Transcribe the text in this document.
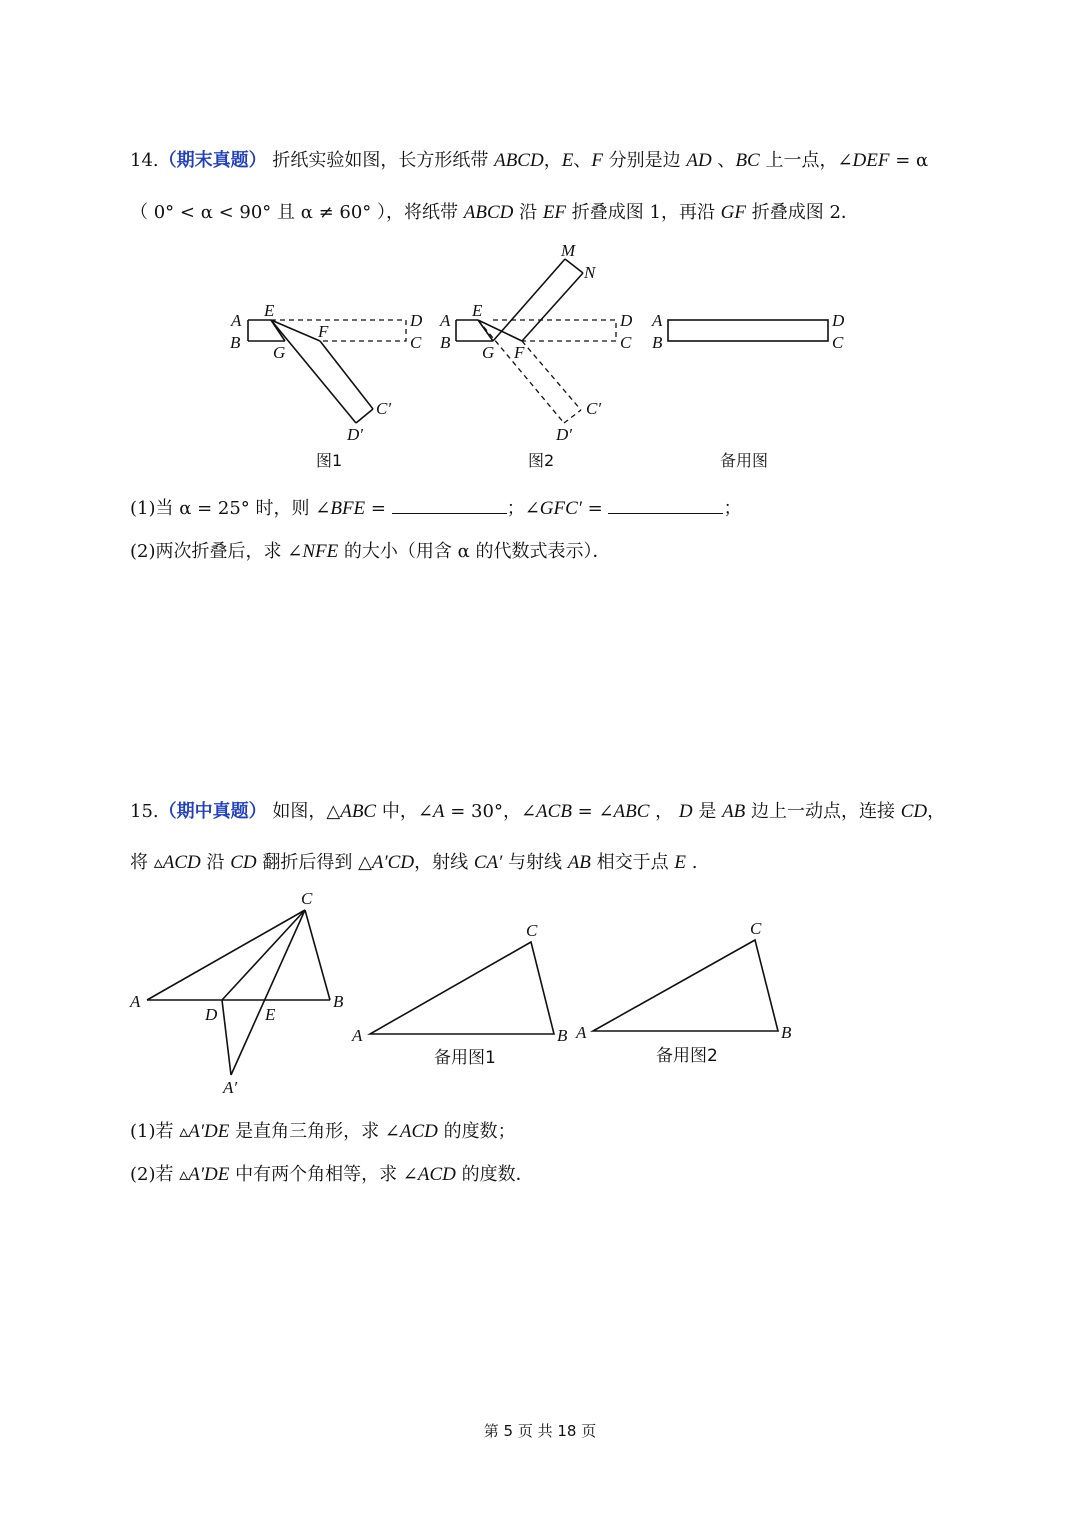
14.（期末真题） 折纸实验如图，长方形纸带 ABCD，E、F 分别是边 AD 、BC 上一点，∠DEF = α
（ 0° < α < 90° 且 α ≠ 60° ），将纸带 ABCD 沿 EF 折叠成图 1，再沿 GF 折叠成图 2．
A
B
E
G
F
D
C
C′
D′
图1
A
B
E
G F
D
C
M
N
C′
D′
图2
A
B
D
C
备用图
(1)当 α = 25° 时，则 ∠BFE =	；∠GFC′ =	；
(2)两次折叠后，求 ∠NFE 的大小（用含 α 的代数式表示）．
15.（期中真题） 如图，△ABC 中，∠A = 30°，∠ACB = ∠ABC ， D 是 AB 边上一动点，连接 CD，
将 ▵ACD 沿 CD 翻折后得到 △A′CD，射线 CA′ 与射线 AB 相交于点 E .
A	B
C
D	E
A′
A	B
C
备用图1
A	B
C
备用图2
(1)若 ▵A′DE 是直角三角形，求 ∠ACD 的度数；
(2)若 ▵A′DE 中有两个角相等，求 ∠ACD 的度数．
第 5 页 共 18 页
